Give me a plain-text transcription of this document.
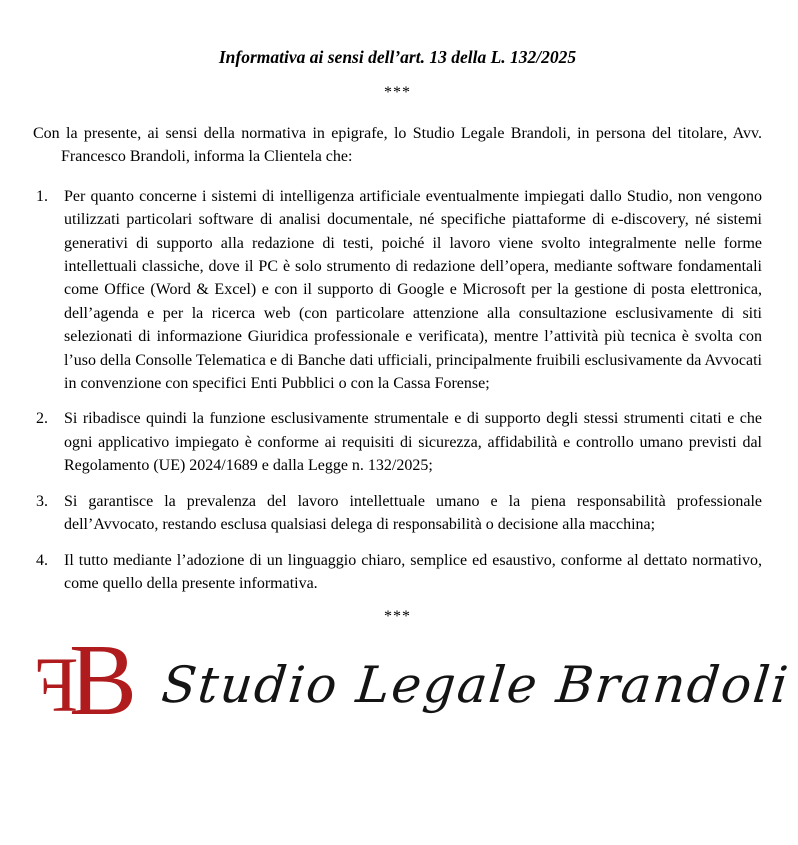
Informativa ai sensi dell’art. 13 della L. 132/2025
***

Con la presente, ai sensi della normativa in epigrafe, lo Studio Legale Brandoli, in persona del titolare, Avv. Francesco Brandoli, informa la Clientela che:

1. Per quanto concerne i sistemi di intelligenza artificiale eventualmente impiegati dallo Studio, non vengono utilizzati particolari software di analisi documentale, né specifiche piattaforme di e-discovery, né sistemi generativi di supporto alla redazione di testi, poiché il lavoro viene svolto integralmente nelle forme intellettuali classiche, dove il PC è solo strumento di redazione dell’opera, mediante software fondamentali come Office (Word & Excel) e con il supporto di Google e Microsoft per la gestione di posta elettronica, dell’agenda e per la ricerca web (con particolare attenzione alla consultazione esclusivamente di siti selezionati di informazione Giuridica professionale e verificata), mentre l’attività più tecnica è svolta con l’uso della Consolle Telematica e di Banche dati ufficiali, principalmente fruibili esclusivamente da Avvocati in convenzione con specifici Enti Pubblici o con la Cassa Forense;
2. Si ribadisce quindi la funzione esclusivamente strumentale e di supporto degli stessi strumenti citati e che ogni applicativo impiegato è conforme ai requisiti di sicurezza, affidabilità e controllo umano previsti dal Regolamento (UE) 2024/1689 e dalla Legge n. 132/2025;
3. Si garantisce la prevalenza del lavoro intellettuale umano e la piena responsabilità professionale dell’Avvocato, restando esclusa qualsiasi delega di responsabilità o decisione alla macchina;
4. Il tutto mediante l’adozione di un linguaggio chiaro, semplice ed esaustivo, conforme al dettato normativo, come quello della presente informativa.
***
F
B Studio Legale Brandoli
